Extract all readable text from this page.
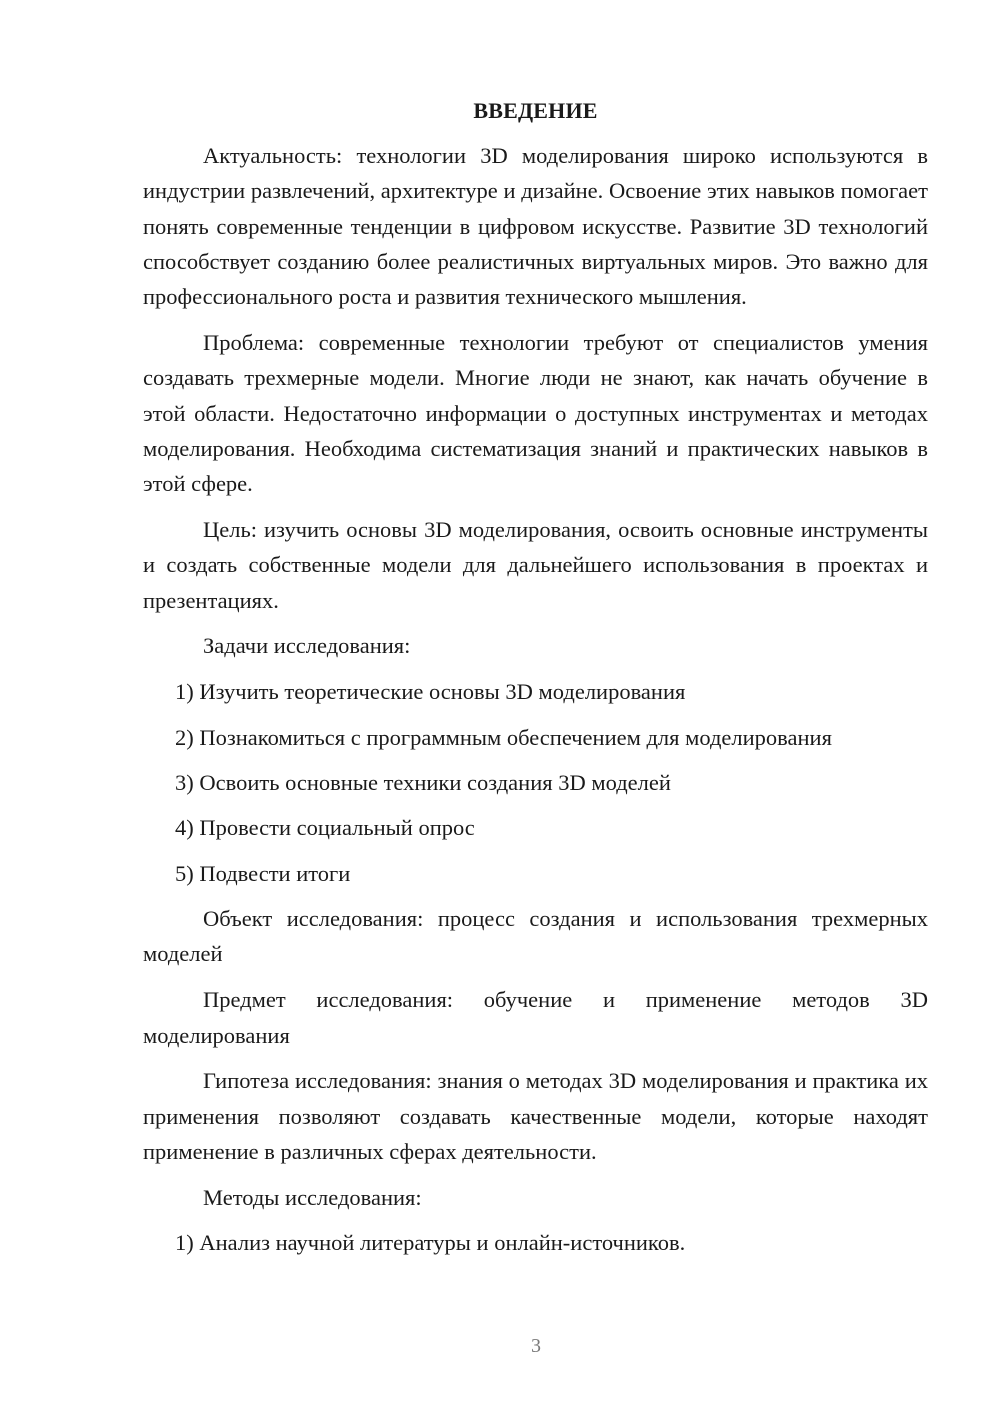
ВВЕДЕНИЕ

Актуальность: технологии 3D моделирования широко используются в индустрии развлечений, архитектуре и дизайне. Освоение этих навыков помогает понять современные тенденции в цифровом искусстве. Развитие 3D технологий способствует созданию более реалистичных виртуальных миров. Это важно для профессионального роста и развития технического мышления.

Проблема: современные технологии требуют от специалистов умения создавать трехмерные модели. Многие люди не знают, как начать обучение в этой области. Недостаточно информации о доступных инструментах и методах моделирования. Необходима систематизация знаний и практических навыков в этой сфере.

Цель: изучить основы 3D моделирования, освоить основные инструменты и создать собственные модели для дальнейшего использования в проектах и презентациях.

Задачи исследования:

1) Изучить теоретические основы 3D моделирования
2) Познакомиться с программным обеспечением для моделирования
3) Освоить основные техники создания 3D моделей
4) Провести социальный опрос
5) Подвести итоги

Объект исследования: процесс создания и использования трехмерных моделей

Предмет исследования: обучение и применение методов 3D моделирования

Гипотеза исследования: знания о методах 3D моделирования и практика их применения позволяют создавать качественные модели, которые находят применение в различных сферах деятельности.

Методы исследования:

1) Анализ научной литературы и онлайн-источников.
3
